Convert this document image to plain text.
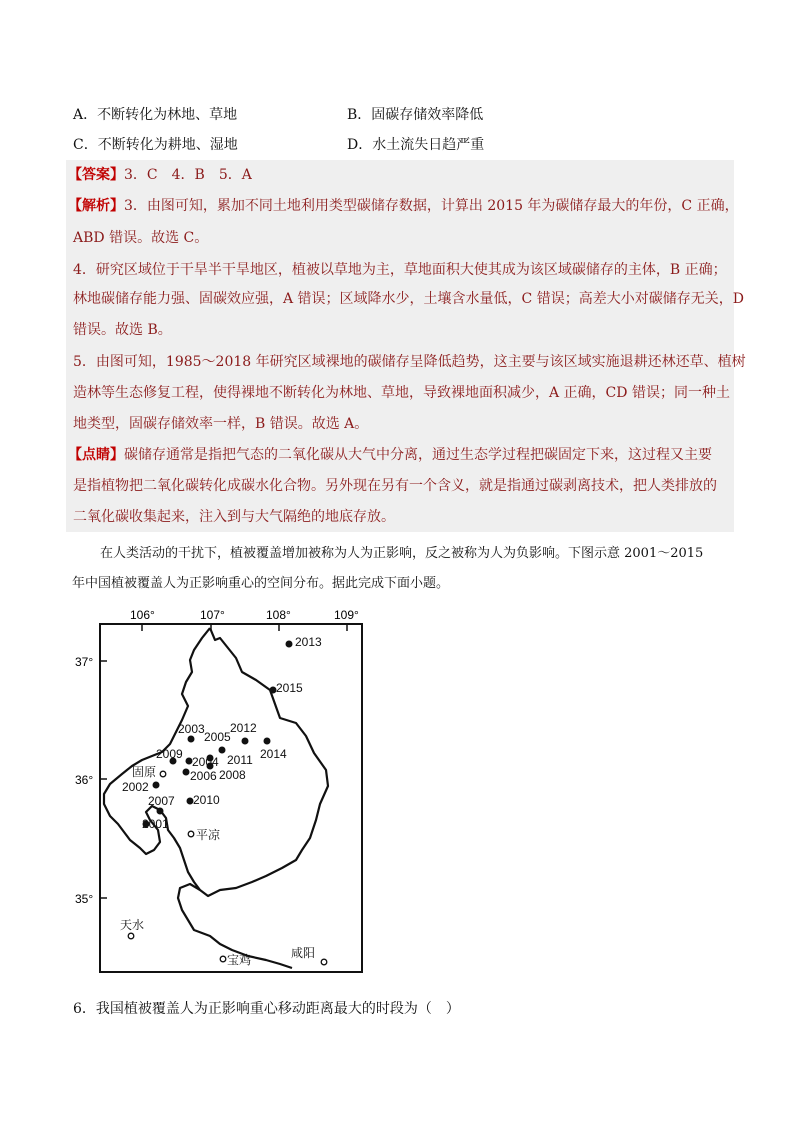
A．不断转化为林地、草地	B．固碳存储效率降低
C．不断转化为耕地、湿地	D．水土流失日趋严重
【答案】3．C　4．B　5．A
【解析】3．由图可知，累加不同土地利用类型碳储存数据，计算出 2015 年为碳储存最大的年份，C 正确，
ABD 错误。故选 C。
4．研究区域位于干旱半干旱地区，植被以草地为主，草地面积大使其成为该区域碳储存的主体，B 正确；
林地碳储存能力强、固碳效应强，A 错误；区域降水少，土壤含水量低，C 错误；高差大小对碳储存无关，D
错误。故选 B。
5．由图可知，1985～2018 年研究区域裸地的碳储存呈降低趋势，这主要与该区域实施退耕还林还草、植树
造林等生态修复工程，使得裸地不断转化为林地、草地，导致裸地面积减少，A 正确，CD 错误；同一种土
地类型，固碳存储效率一样，B 错误。故选 A。
【点睛】碳储存通常是指把气态的二氧化碳从大气中分离，通过生态学过程把碳固定下来，这过程又主要
是指植物把二氧化碳转化成碳水化合物。另外现在另有一个含义，就是指通过碳剥离技术，把人类排放的
二氧化碳收集起来，注入到与大气隔绝的地底存放。
在人类活动的干扰下，植被覆盖增加被称为人为正影响，反之被称为人为负影响。下图示意 2001～2015
年中国植被覆盖人为正影响重心的空间分布。据此完成下面小题。
106°	107°	108°	109°
37°
36°
35°
2013
2015
2003
2005
2012
2014
2009
2004 2011
2006 2008
2002
2007 2010
2001
固原
平凉
天水
宝鸡	咸阳
6．我国植被覆盖人为正影响重心移动距离最大的时段为（　）
